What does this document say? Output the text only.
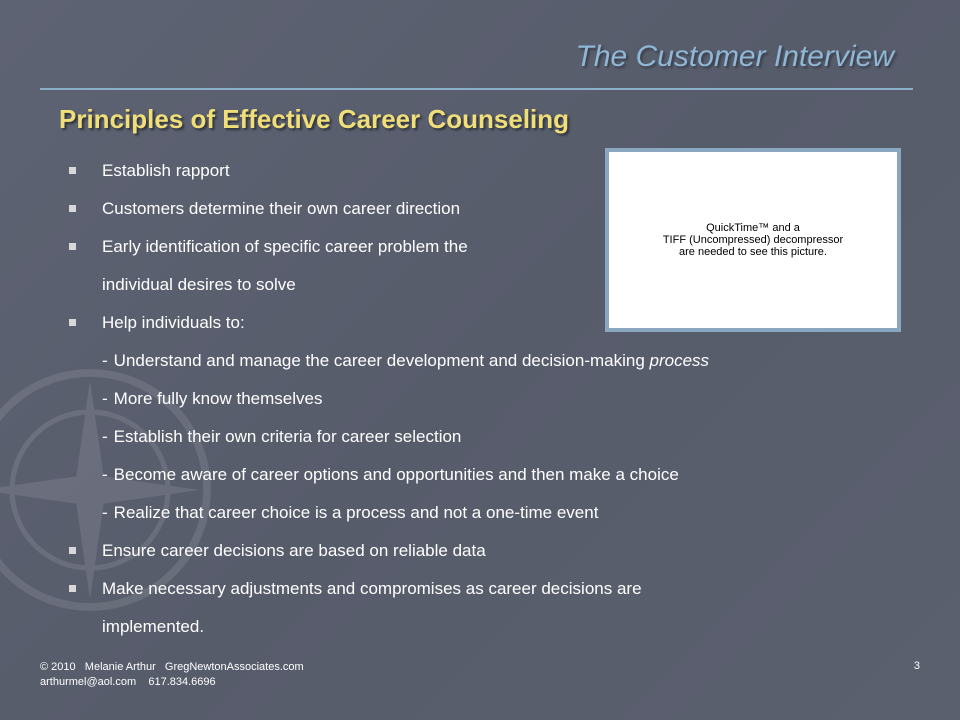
The Customer Interview
Principles of Effective Career Counseling
Establish rapport
Customers determine their own career direction
Early identification of specific career problem the
individual desires to solve
Help individuals to:
- Understand and manage the career development and decision-making process
- More fully know themselves
- Establish their own criteria for career selection
- Become aware of career options and opportunities and then make a choice
- Realize that career choice is a process and not a one-time event
Ensure career decisions are based on reliable data
Make necessary adjustments and compromises as career decisions are
implemented.
QuickTime™ and a
TIFF (Uncompressed) decompressor
are needed to see this picture.
© 2010   Melanie Arthur   GregNewtonAssociates.com
arthurmel@aol.com    617.834.6696
3
